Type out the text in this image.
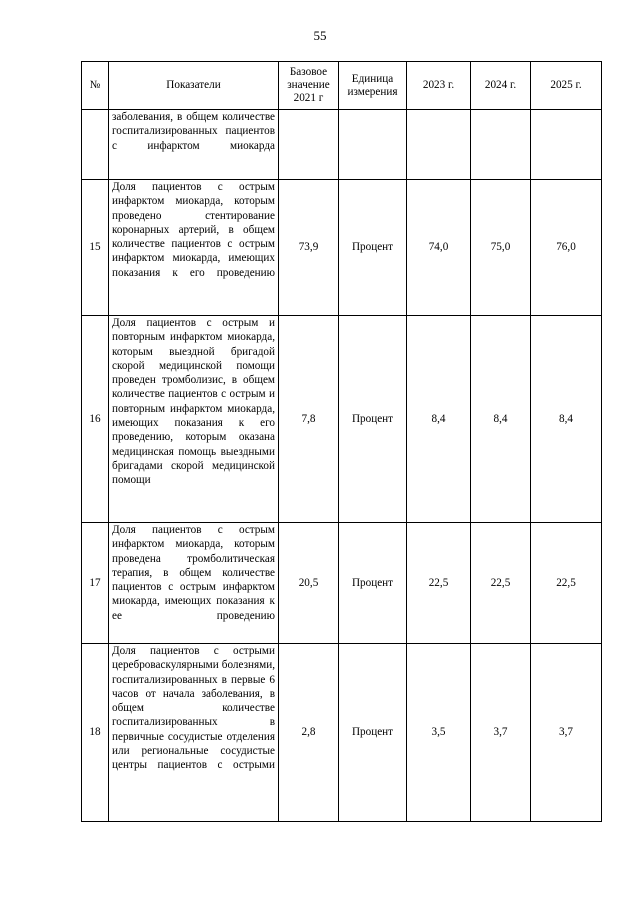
55
№	Показатели	Базовое значение 2021 г	Единица измерения	2023 г.	2024 г.	2025 г.
	заболевания, в общем количестве госпитализированных пациентов с инфарктом миокарда					
15	Доля пациентов с острым инфарктом миокарда, которым проведено стентирование коронарных артерий, в общем количестве пациентов с острым инфарктом миокарда, имеющих показания к его проведению	73,9	Процент	74,0	75,0	76,0
16	Доля пациентов с острым и повторным инфарктом миокарда, которым выездной бригадой скорой медицинской помощи проведен тромболизис, в общем количестве пациентов с острым и повторным инфарктом миокарда, имеющих показания к его проведению, которым оказана медицинская помощь выездными бригадами скорой медицинской помощи	7,8	Процент	8,4	8,4	8,4
17	Доля пациентов с острым инфарктом миокарда, которым проведена тромболитическая терапия, в общем количестве пациентов с острым инфарктом миокарда, имеющих показания к ее проведению	20,5	Процент	22,5	22,5	22,5
18	Доля пациентов с острыми цереброваскулярными болезнями, госпитализированных в первые 6 часов от начала заболевания, в общем количестве госпитализированных в первичные сосудистые отделения или региональные сосудистые центры пациентов с острыми	2,8	Процент	3,5	3,7	3,7
